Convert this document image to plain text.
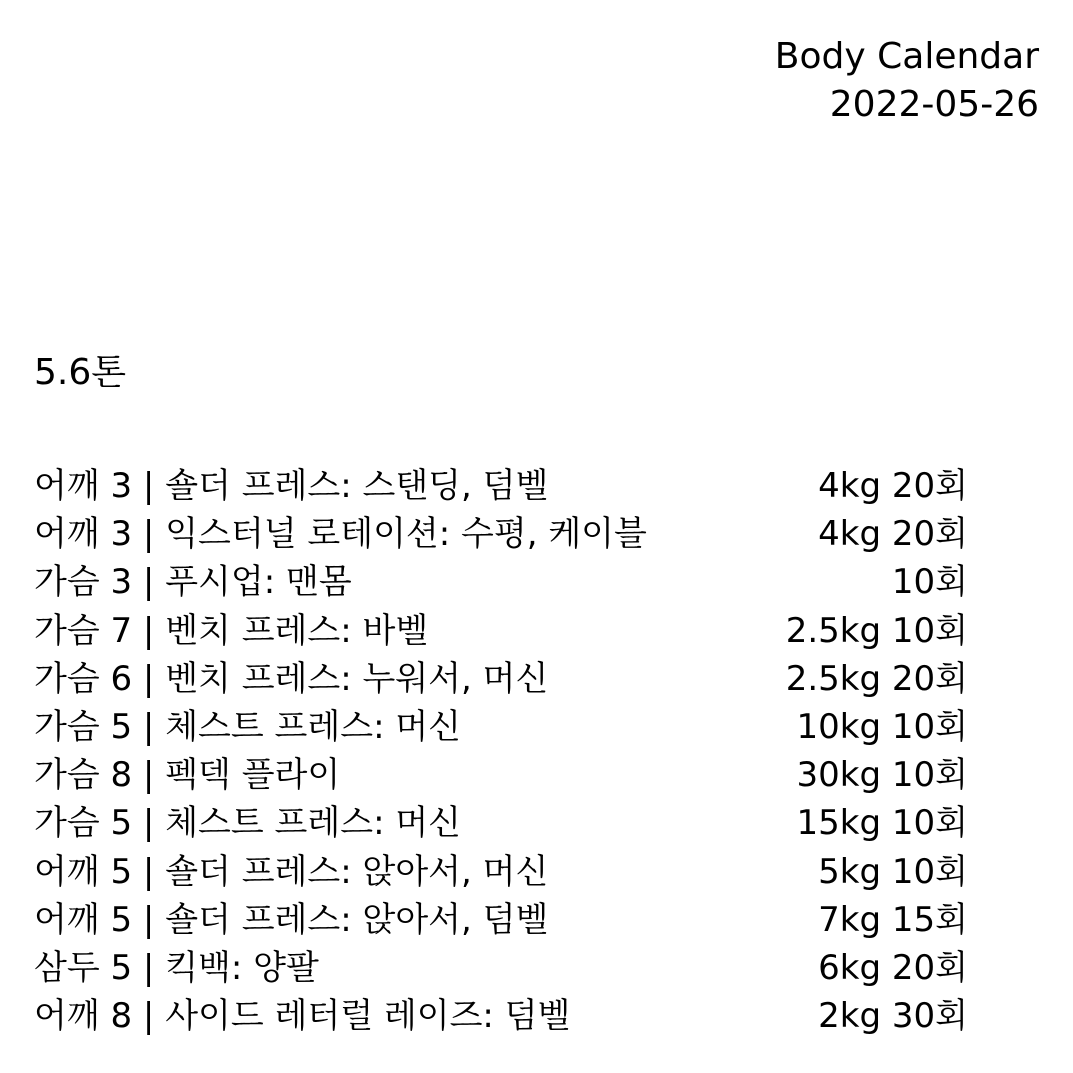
Body Calendar
2022-05-26
5.6톤
어깨 3 | 숄더 프레스: 스탠딩, 덤벨	4kg 20회
어깨 3 | 익스터널 로테이션: 수평, 케이블	4kg 20회
가슴 3 | 푸시업: 맨몸	10회
가슴 7 | 벤치 프레스: 바벨	2.5kg 10회
가슴 6 | 벤치 프레스: 누워서, 머신	2.5kg 20회
가슴 5 | 체스트 프레스: 머신	10kg 10회
가슴 8 | 펙덱 플라이	30kg 10회
가슴 5 | 체스트 프레스: 머신	15kg 10회
어깨 5 | 숄더 프레스: 앉아서, 머신	5kg 10회
어깨 5 | 숄더 프레스: 앉아서, 덤벨	7kg 15회
삼두 5 | 킥백: 양팔	6kg 20회
어깨 8 | 사이드 레터럴 레이즈: 덤벨	2kg 30회
